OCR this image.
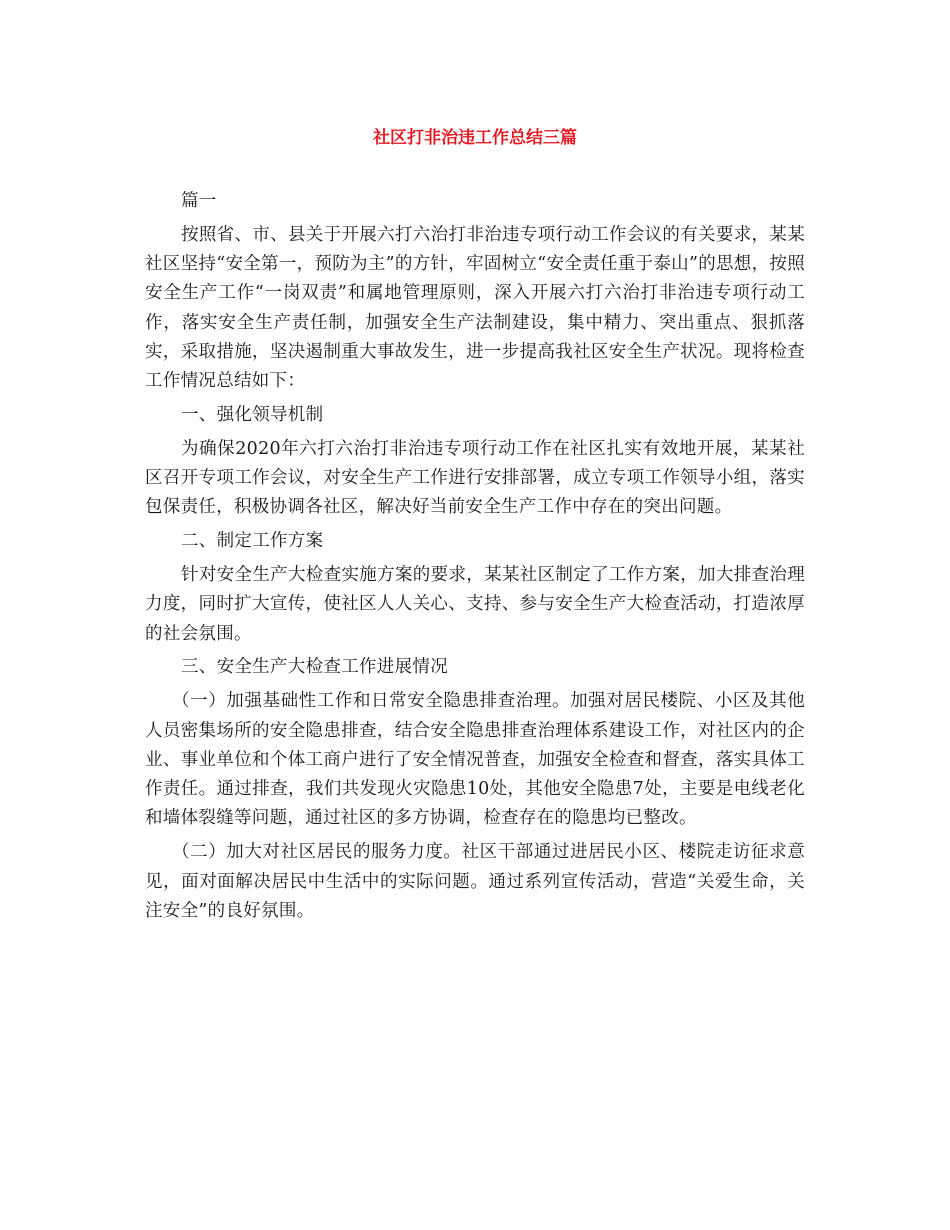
社区打非治违工作总结三篇

篇一

按照省、市、县关于开展六打六治打非治违专项行动工作会议的有关要求，某某社区坚持“安全第一，预防为主”的方针，牢固树立“安全责任重于泰山”的思想，按照安全生产工作“一岗双责”和属地管理原则，深入开展六打六治打非治违专项行动工作，落实安全生产责任制，加强安全生产法制建设，集中精力、突出重点、狠抓落实，采取措施，坚决遏制重大事故发生，进一步提高我社区安全生产状况。现将检查工作情况总结如下：

一、强化领导机制

为确保2020年六打六治打非治违专项行动工作在社区扎实有效地开展，某某社区召开专项工作会议，对安全生产工作进行安排部署，成立专项工作领导小组，落实包保责任，积极协调各社区，解决好当前安全生产工作中存在的突出问题。

二、制定工作方案

针对安全生产大检查实施方案的要求，某某社区制定了工作方案，加大排查治理力度，同时扩大宣传，使社区人人关心、支持、参与安全生产大检查活动，打造浓厚的社会氛围。

三、安全生产大检查工作进展情况

（一）加强基础性工作和日常安全隐患排查治理。加强对居民楼院、小区及其他人员密集场所的安全隐患排查，结合安全隐患排查治理体系建设工作，对社区内的企业、事业单位和个体工商户进行了安全情况普查，加强安全检查和督查，落实具体工作责任。通过排查，我们共发现火灾隐患10处，其他安全隐患7处，主要是电线老化和墙体裂缝等问题，通过社区的多方协调，检查存在的隐患均已整改。

（二）加大对社区居民的服务力度。社区干部通过进居民小区、楼院走访征求意见，面对面解决居民中生活中的实际问题。通过系列宣传活动，营造“关爱生命，关注安全”的良好氛围。
